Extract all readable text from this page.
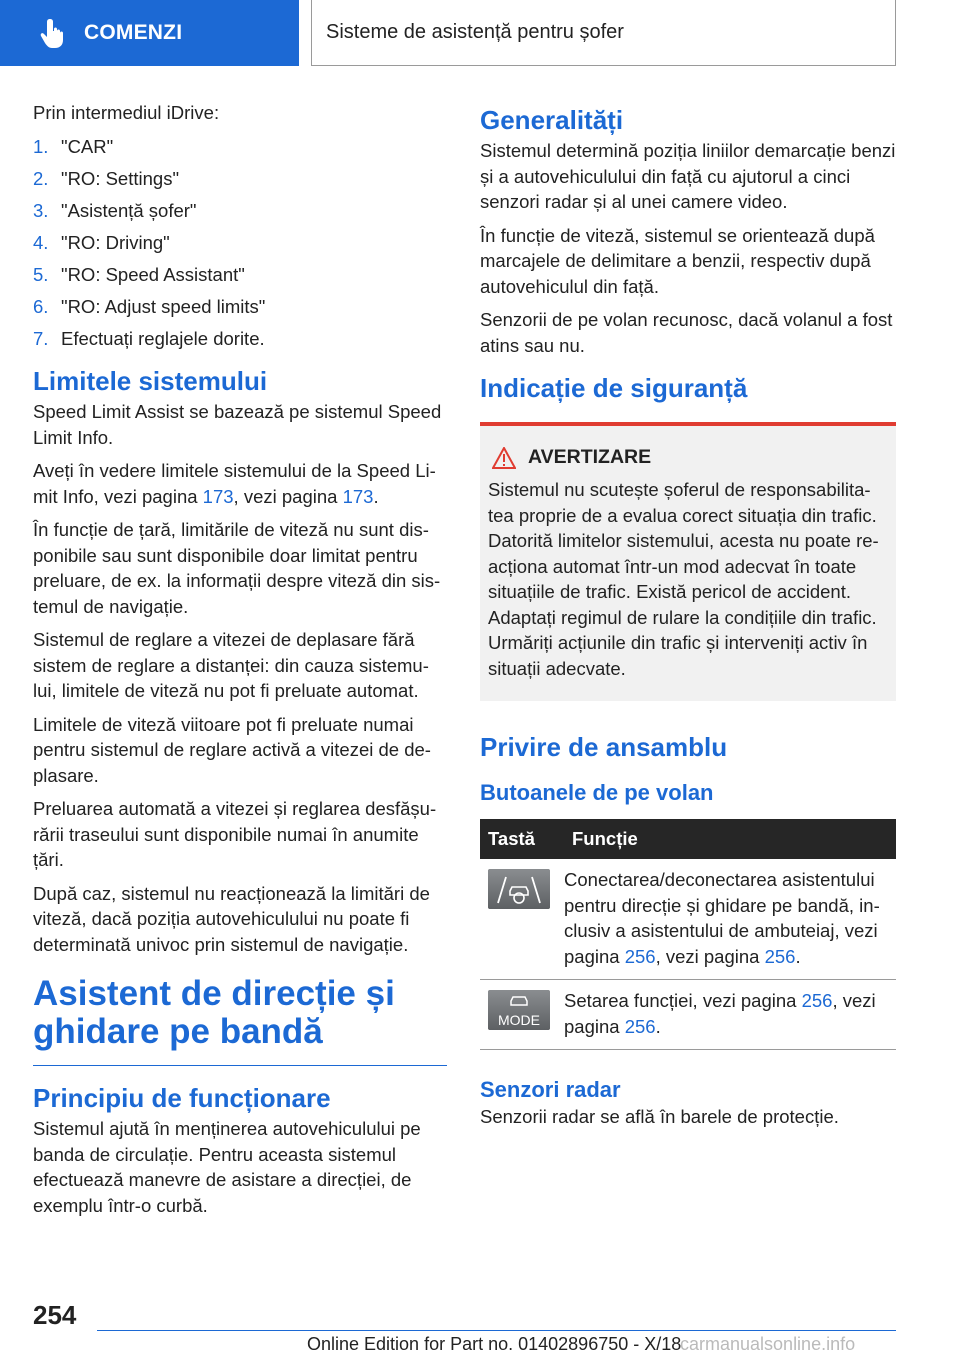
COMENZI	Sisteme de asistență pentru șofer

Prin intermediul iDrive:

1. "CAR"
2. "RO: Settings"
3. "Asistență șofer"
4. "RO: Driving"
5. "RO: Speed Assistant"
6. "RO: Adjust speed limits"
7. Efectuați reglajele dorite.
Limitele sistemului

Speed Limit Assist se bazează pe sistemul Speed Limit Info.

Aveți în vedere limitele sistemului de la Speed Li-mit Info, vezi pagina 173, vezi pagina 173.

În funcție de țară, limitările de viteză nu sunt dis-ponibile sau sunt disponibile doar limitat pentru preluare, de ex. la informații despre viteză din sis-temul de navigație.

Sistemul de reglare a vitezei de deplasare fără sistem de reglare a distanței: din cauza sistemu-lui, limitele de viteză nu pot fi preluate automat.

Limitele de viteză viitoare pot fi preluate numai pentru sistemul de reglare activă a vitezei de de-plasare.

Preluarea automată a vitezei și reglarea desfășu-rării traseului sunt disponibile numai în anumite țări.

După caz, sistemul nu reacționează la limitări de viteză, dacă poziția autovehiculului nu poate fi determinată univoc prin sistemul de navigație.

Asistent de direcție și ghidare pe bandă
Principiu de funcționare

Sistemul ajută în menținerea autovehiculului pe banda de circulație. Pentru aceasta sistemul efectuează manevre de asistare a direcției, de exemplu într-o curbă.

Generalități

Sistemul determină poziția liniilor demarcație benzi și a autovehiculului din față cu ajutorul a cinci senzori radar și al unei camere video.

În funcție de viteză, sistemul se orientează după marcajele de delimitare a benzii, respectiv după autovehiculul din față.

Senzorii de pe volan recunosc, dacă volanul a fost atins sau nu.

Indicație de siguranță
AVERTIZARE

Sistemul nu scutește șoferul de responsabilita-tea proprie de a evalua corect situația din trafic. Datorită limitelor sistemului, acesta nu poate re-acționa automat într-un mod adecvat în toate situațiile de trafic. Există pericol de accident. Adaptați regimul de rulare la condițiile din trafic. Urmăriți acțiunile din trafic și interveniți activ în situații adecvate.

Privire de ansamblu
Butoanele de pe volan
Tastă	Funcție

	Conectarea/deconectarea asistentului pentru direcție și ghidare pe bandă, in-clusiv a asistentului de ambuteiaj, vezi pagina 256, vezi pagina 256.

MODE	Setarea funcției, vezi pagina 256, vezi pagina 256.
Senzori radar

Senzorii radar se află în barele de protecție.

254
Online Edition for Part no. 01402896750 - X/18
carmanualsonline.info
